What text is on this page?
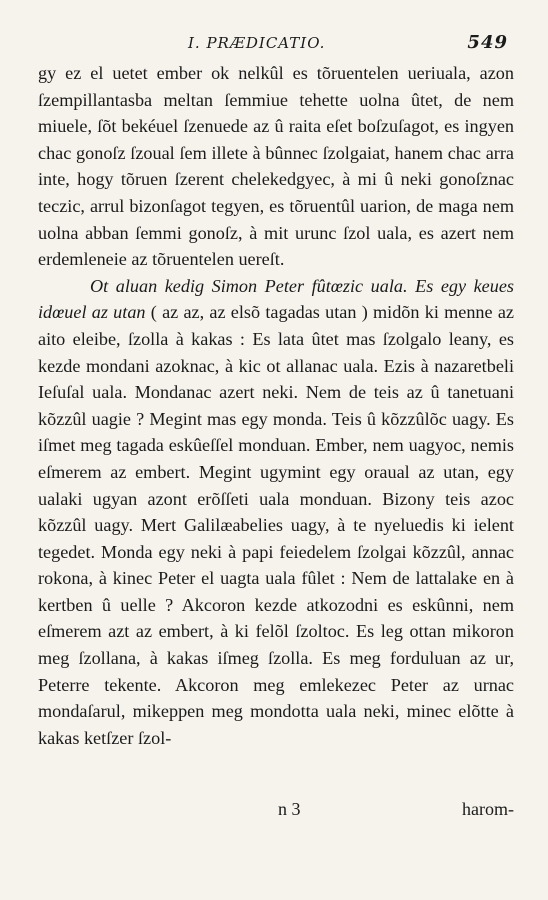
I. PRÆDICATIO.	549

gy ez el uetet ember ok nelkûl es tõruentelen ueriuala, azon ſzempillantasba meltan ſemmiue tehette uolna ûtet, de nem miuele, ſõt bekéuel ſzenuede az û raita eſet boſzuſagot, es ingyen chac gonoſz ſzoual ſem illete à bûnnec ſzolgaiat, hanem chac arra inte, hogy tõruen ſzerent chelekedgyec, à mi û neki gonoſznac teczic, arrul bizonſagot tegyen, es tõruentûl uarion, de maga nem uolna abban ſemmi gonoſz, à mit urunc ſzol uala, es azert nem erdemleneie az tõruentelen uereſt.

Ot aluan kedig Simon Peter fûtœzic uala. Es egy keues idœuel az utan ( az az, az elsõ tagadas utan ) midõn ki menne az aito eleibe, ſzolla à kakas : Es lata ûtet mas ſzolgalo leany, es kezde mondani azoknac, à kic ot allanac uala. Ezis à nazaretbeli Ieſuſal uala. Mondanac azert neki. Nem de teis az û tanetuani kõzzûl uagie ? Megint mas egy monda. Teis û kõzzûlõc uagy. Es iſmet meg tagada eskûeſſel monduan. Ember, nem uagyoc, nemis eſmerem az embert. Megint ugymint egy oraual az utan, egy ualaki ugyan azont erõſſeti uala monduan. Bizony teis azoc kõzzûl uagy. Mert Galilæabelies uagy, à te nyeluedis ki ielent tegedet. Monda egy neki à papi feiedelem ſzolgai kõzzûl, annac rokona, à kinec Peter el uagta uala fûlet : Nem de lattalake en à kertben û uelle ? Akcoron kezde atkozodni es eskûnni, nem eſmerem azt az embert, à ki felõl ſzoltoc. Es leg ottan mikoron meg ſzollana, à kakas iſmeg ſzolla. Es meg forduluan az ur, Peterre tekente. Akcoron meg emlekezec Peter az urnac mondaſarul, mikeppen meg mondotta uala neki, minec elõtte à kakas ketſzer ſzol-

n 3	harom-
